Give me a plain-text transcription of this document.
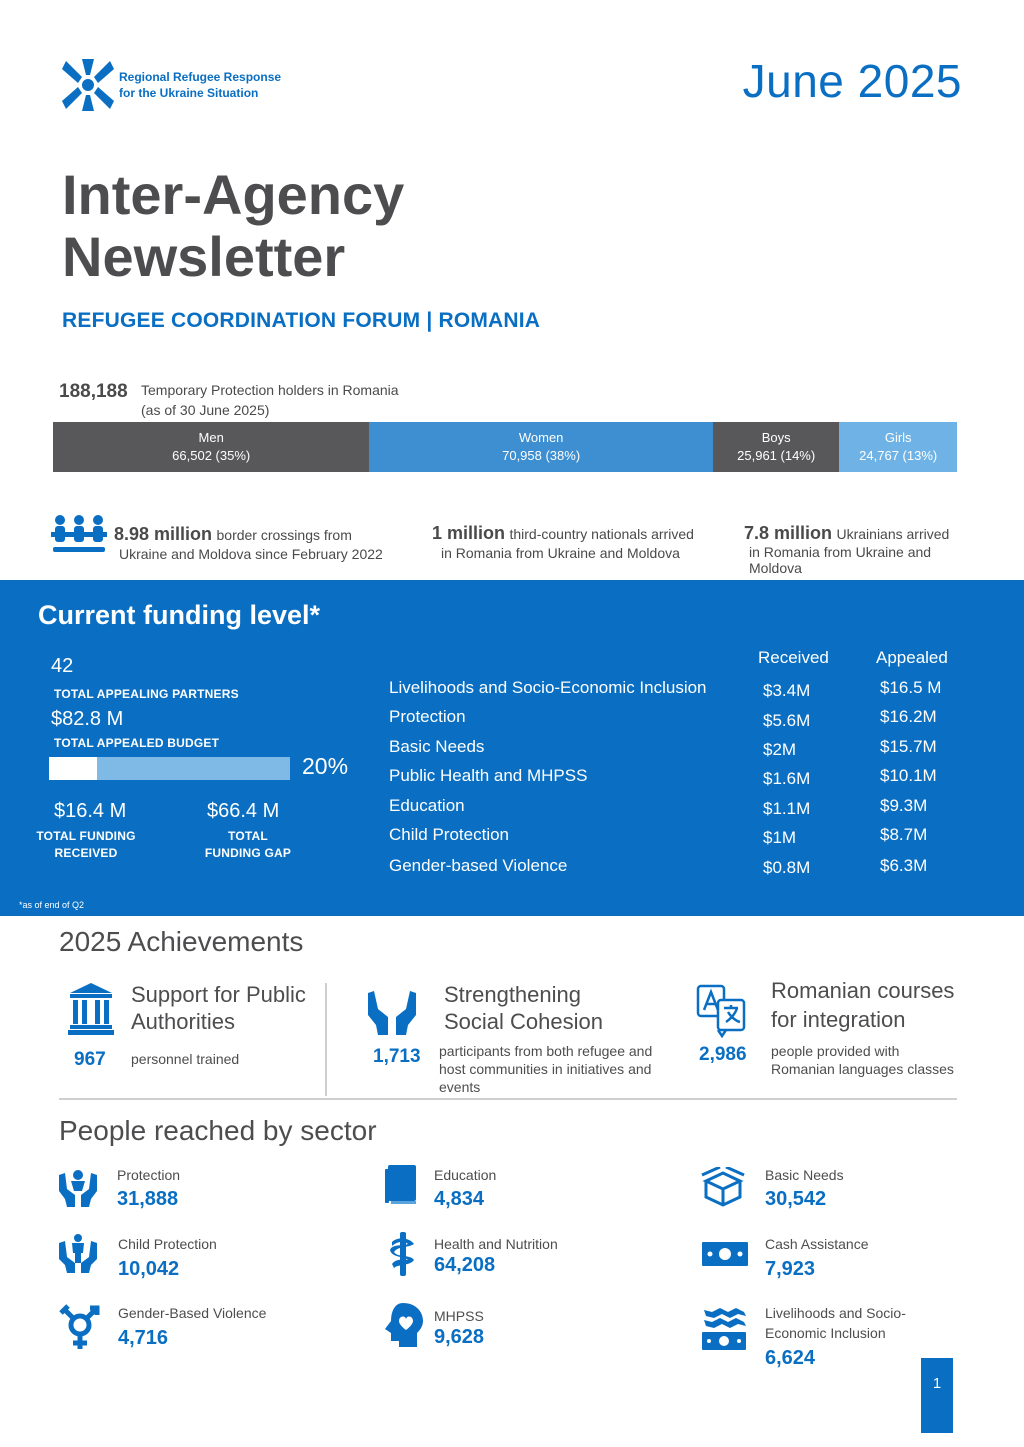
Regional Refugee Response
for the Ukraine Situation	June 2025
Inter-Agency
Newsletter
REFUGEE COORDINATION FORUM | ROMANIA
188,188 Temporary Protection holders in Romania
(as of 30 June 2025)
Men
66,502 (35%)
Women
70,958 (38%)
Boys
25,961 (14%)
Girls
24,767 (13%)
8.98 million border crossings from
Ukraine and Moldova since February 2022
1 million third-country nationals arrived
in Romania from Ukraine and Moldova
7.8 million Ukrainians arrived
in Romania from Ukraine and
Moldova
Current funding level*
42
TOTAL APPEALING PARTNERS
$82.8 M
TOTAL APPEALED BUDGET
20%
$16.4 M
TOTAL FUNDING
RECEIVED
$66.4 M
TOTAL
FUNDING GAP
*as of end of Q2
Received	Appealed
Livelihoods and Socio-Economic Inclusion	$3.4M	$16.5 M
Protection	$5.6M	$16.2M
Basic Needs	$2M	$15.7M
Public Health and MHPSS	$1.6M	$10.1M
Education	$1.1M	$9.3M
Child Protection	$1M	$8.7M
Gender-based Violence	$0.8M	$6.3M
2025 Achievements
Support for Public
Authorities
967 personnel trained
Strengthening
Social Cohesion
1,713 participants from both refugee and
host communities in initiatives and
events
Romanian courses
for integration
2,986 people provided with
Romanian languages classes
People reached by sector
Protection
31,888
Education
4,834
Basic Needs
30,542
Child Protection
10,042
Health and Nutrition
64,208
Cash Assistance
7,923
Gender-Based Violence
4,716
MHPSS
9,628
Livelihoods and Socio-
Economic Inclusion
6,624
1
